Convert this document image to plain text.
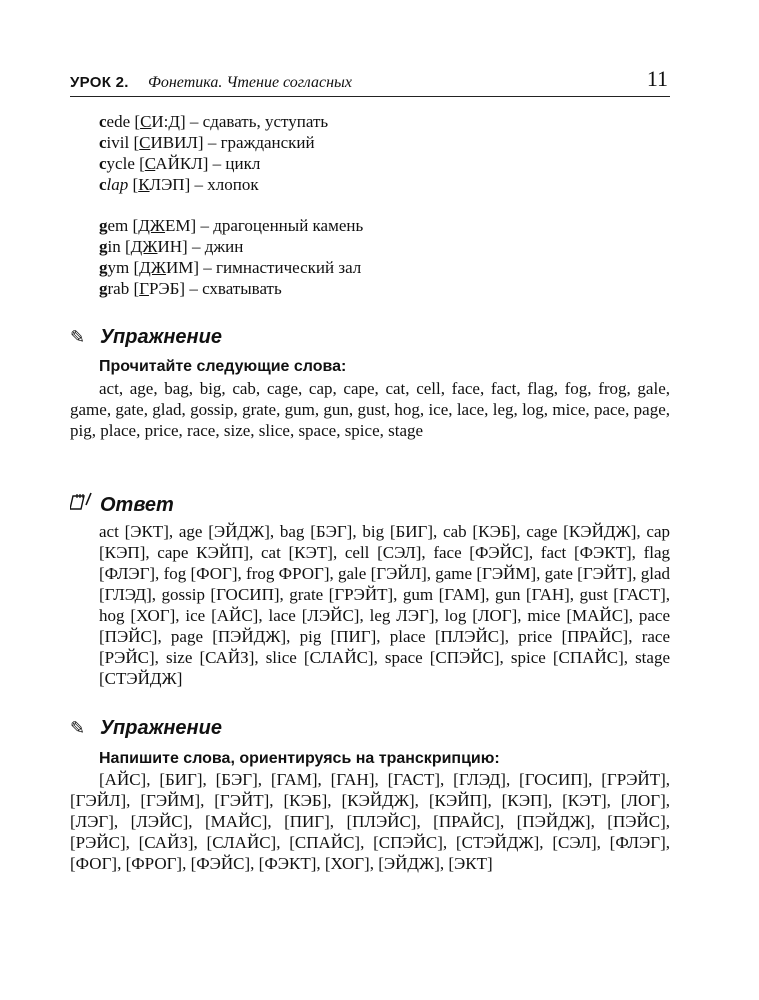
УРОК 2. Фонетика. Чтение согласных	11
cede [СИ:Д] – сдавать, уступать
civil [СИВИЛ] – гражданский
cycle [САЙКЛ] – цикл
clap [КЛЭП] – хлопок
gem [ДЖЕМ] – драгоценный камень
gin [ДЖИН] – джин
gym [ДЖИМ] – гимнастический зал
grab [ГРЭБ] – схватывать
✎ Упражнение
Прочитайте следующие слова:
act, age, bag, big, cab, cage, cap, cape, cat, cell, face, fact, flag, fog, frog, gale, game, gate, glad, gossip, grate, gum, gun, gust, hog, ice, lace, leg, log, mice, pace, page, pig, place, price, race, size, slice, space, spice, stage
Ответ
act [ЭКТ], age [ЭЙДЖ], bag [БЭГ], big [БИГ], cab [КЭБ], cage [КЭЙДЖ], cap [КЭП], cape КЭЙП], cat [КЭТ], cell [СЭЛ], face [ФЭЙС], fact [ФЭКТ], flag [ФЛЭГ], fog [ФОГ], frog ФРОГ], gale [ГЭЙЛ], game [ГЭЙМ], gate [ГЭЙТ], glad [ГЛЭД], gossip [ГОСИП], grate [ГРЭЙТ], gum [ГАМ], gun [ГАН], gust [ГАСТ], hog [ХОГ], ice [АЙС], lace [ЛЭЙС], leg ЛЭГ], log [ЛОГ], mice [МАЙС], pace [ПЭЙС], page [ПЭЙДЖ], pig [ПИГ], place [ПЛЭЙС], price [ПРАЙС], race [РЭЙС], size [САЙЗ], slice [СЛАЙС], space [СПЭЙС], spice [СПАЙС], stage [СТЭЙДЖ]
✎ Упражнение
Напишите слова, ориентируясь на транскрипцию:
[АЙС], [БИГ], [БЭГ], [ГАМ], [ГАН], [ГАСТ], [ГЛЭД], [ГОСИП], [ГРЭЙТ], [ГЭЙЛ], [ГЭЙМ], [ГЭЙТ], [КЭБ], [КЭЙДЖ], [КЭЙП], [КЭП], [КЭТ], [ЛОГ], [ЛЭГ], [ЛЭЙС], [МАЙС], [ПИГ], [ПЛЭЙС], [ПРАЙС], [ПЭЙДЖ], [ПЭЙС], [РЭЙС], [САЙЗ], [СЛАЙС], [СПАЙС], [СПЭЙС], [СТЭЙДЖ], [СЭЛ], [ФЛЭГ], [ФОГ], [ФРОГ], [ФЭЙС], [ФЭКТ], [ХОГ], [ЭЙДЖ], [ЭКТ]
